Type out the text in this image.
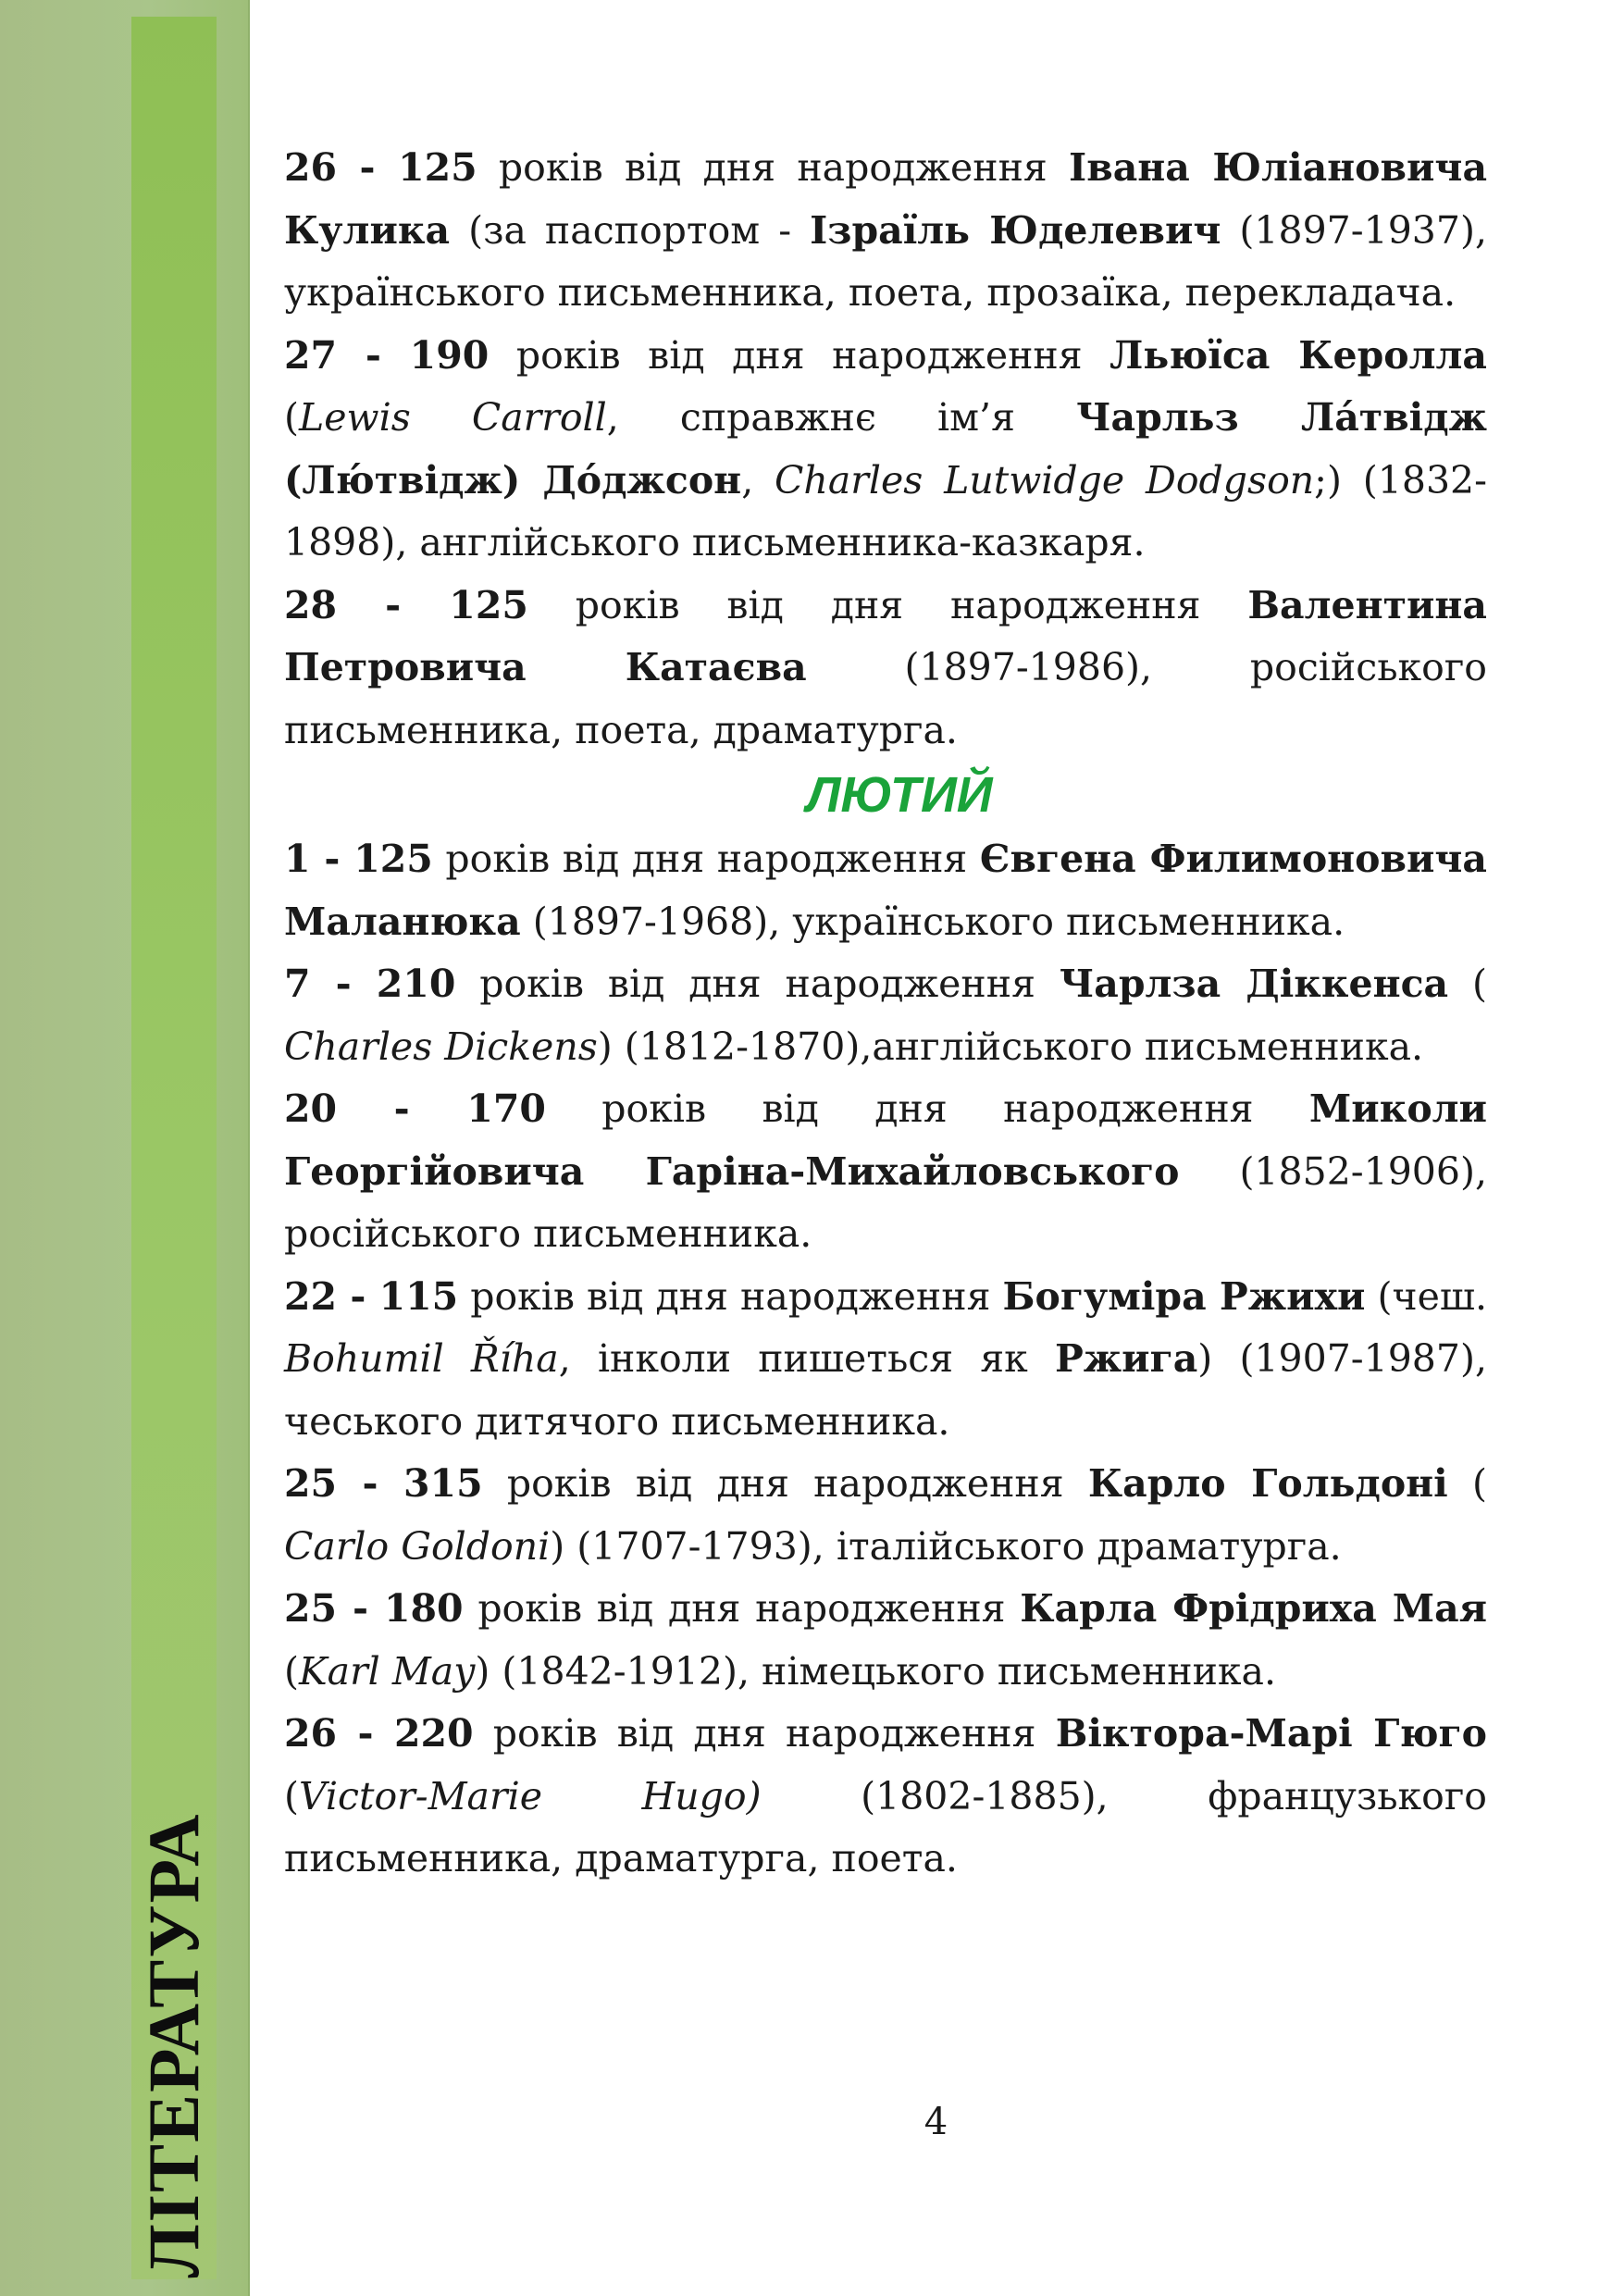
ЛІТЕРАТУРА

26 - 125 років від дня народження Івана Юліановича Кулика (за паспортом - Ізраїль Юделевич (1897-1937), українського письменника, поета, прозаїка, перекладача.

27 - 190 років від дня народження Льюїса Керолла (Lewis Carroll, справжнє ім’я Чарльз Ла́твідж (Лю́твідж) До́джсон, Charles Lutwidge Dodgson;) (1832-1898), англійського письменника-казкаря.

28 - 125 років від дня народження Валентина Петровича Катаєва (1897-1986), російського письменника, поета, драматурга.

ЛЮТИЙ

1 - 125 років від дня народження Євгена Филимоновича Маланюка (1897-1968), українського письменника.

7 - 210 років від дня народження Чарлза Діккенса ( Charles Dickens) (1812-1870),англійського письменника.

20 - 170 років від дня народження Миколи Георгійовича Гаріна-Михайловського (1852-1906), російського письменника.

22 - 115 років від дня народження Богуміра Ржихи (чеш. Bohumil Říha, інколи пишеться як Ржига) (1907-1987), чеського дитячого письменника.

25 - 315 років від дня народження Карло Гольдоні ( Carlo Goldoni) (1707-1793), італійського драматурга.

25 - 180 років від дня народження Карла Фрідриха Мая (Karl May) (1842-1912), німецького письменника.

26 - 220 років від дня народження Віктора-Марі Гюго (Victor-Marie Hugo) (1802-1885), французького письменника, драматурга, поета.

4
